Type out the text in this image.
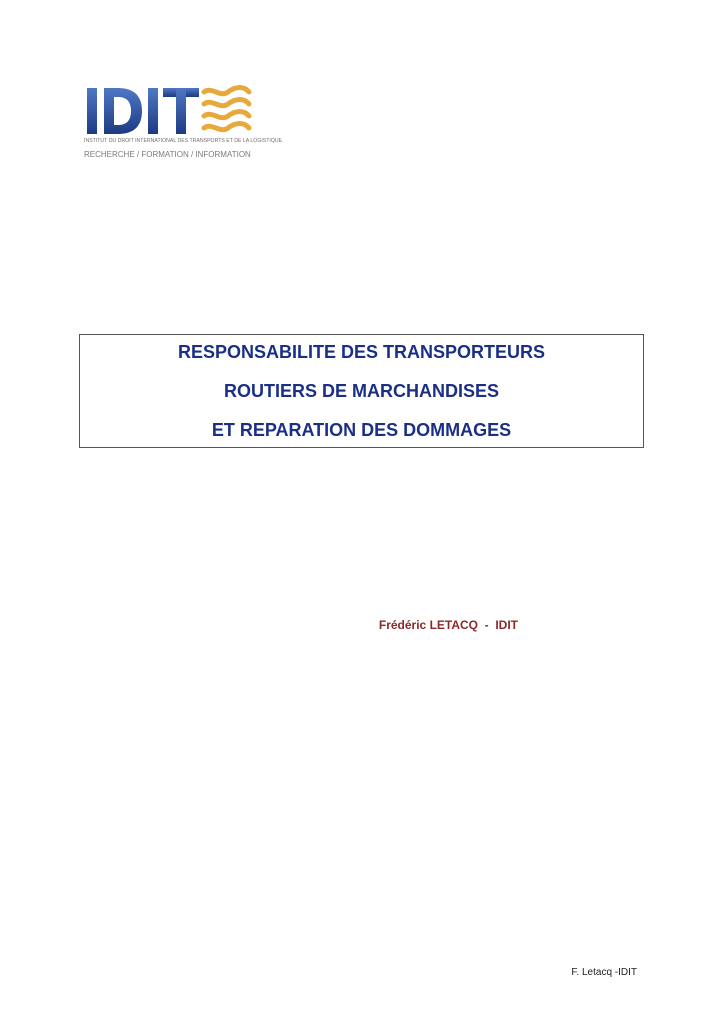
INSTITUT DU DROIT INTERNATIONAL DES TRANSPORTS ET DE LA LOGISTIQUE
RECHERCHE / FORMATION / INFORMATION
RESPONSABILITE DES TRANSPORTEURS
ROUTIERS DE MARCHANDISES
ET REPARATION DES DOMMAGES
Frédéric LETACQ  -  IDIT
F. Letacq -IDIT
